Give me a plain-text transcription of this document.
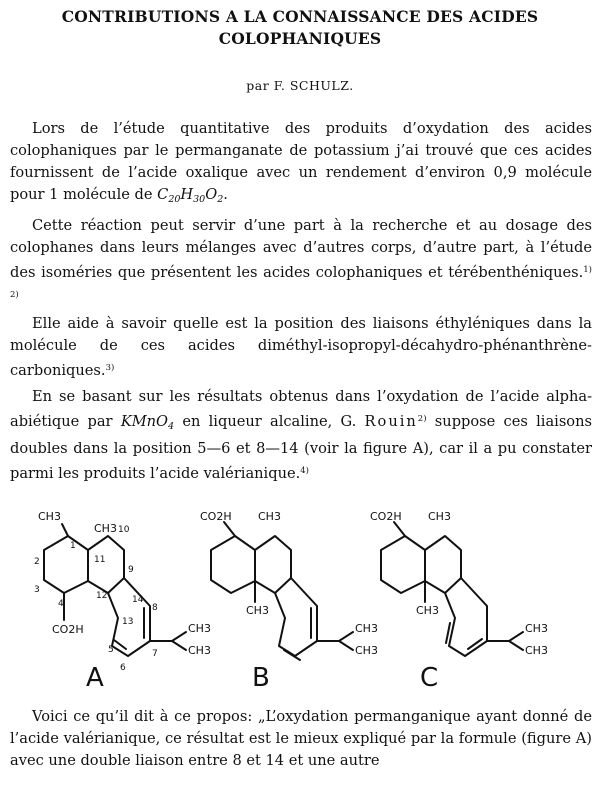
CONTRIBUTIONS A LA CONNAISSANCE DES ACIDES
COLOPHANIQUES
par F. SCHULZ.

Lors de l’étude quantitative des produits d’oxydation des acides colophaniques par le permanganate de potassium j’ai trouvé que ces acides fournissent de l’acide oxalique avec un rendement d’environ 0,9 molécule pour 1 molécule de $C_{20}H_{30}O_2$.

Cette réaction peut servir d’une part à la recherche et au dosage des colophanes dans leurs mélanges avec d’autres corps, d’autre part, à l’étude des isoméries que présentent les acides colophaniques et térébenthéniques.$^{1)}$ $^{2)}$

Elle aide à savoir quelle est la position des liaisons éthyléniques dans la molécule de ces acides diméthyl-isopropyl-décahydro-phénanthrène-carboniques.$^{3)}$

En se basant sur les résultats obtenus dans l’oxydation de l’acide alpha-abiétique par KMnO$_4$ en liqueur alcaline, G. Rouin$^{2)}$ suppose ces liaisons doubles dans la position 5—6 et 8—14 (voir la figure A), car il a pu constater parmi les produits l’acide valérianique.$^{4)}$

CH3
CH3
CO2H	CH3
CH3
A
CO2H CH3
CH3
CH3
CH3
B
CO2H CH3
CH3
CH3
CH3
C
1
2
3
4
5
6
7
8
9
10
11
12
13
14

Voici ce qu’il dit à ce propos: „L’oxydation permanganique ayant donné de l’acide valérianique, ce résultat est le mieux expliqué par la formule (figure A) avec une double liaison entre 8 et 14 et une autre
